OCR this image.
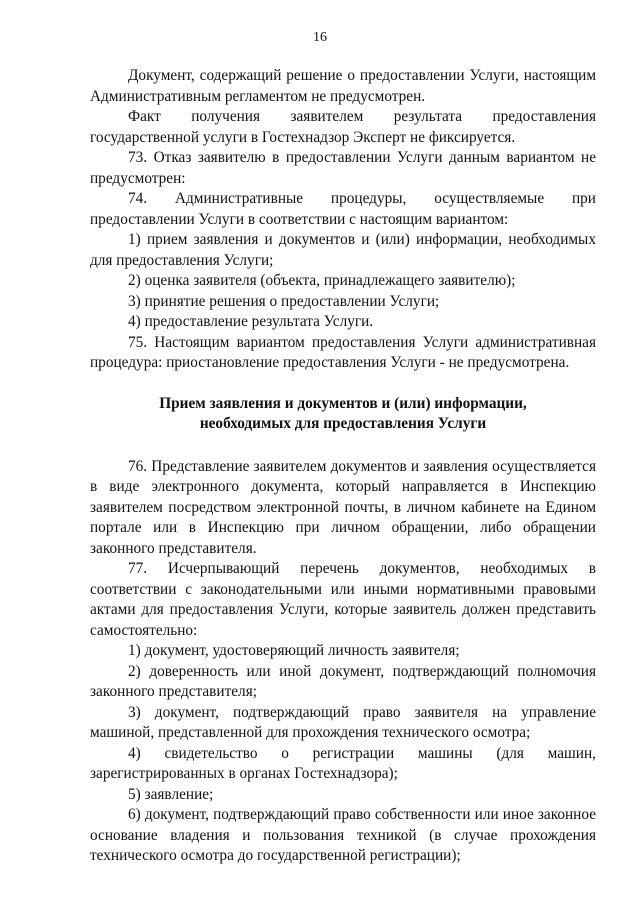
16

Документ, содержащий решение о предоставлении Услуги, настоящим Административным регламентом не предусмотрен.

Факт получения заявителем результата предоставления государственной услуги в Гостехнадзор Эксперт не фиксируется.

73. Отказ заявителю в предоставлении Услуги данным вариантом не предусмотрен:

74. Административные процедуры, осуществляемые при предоставлении Услуги в соответствии с настоящим вариантом:

1) прием заявления и документов и (или) информации, необходимых для предоставления Услуги;

2) оценка заявителя (объекта, принадлежащего заявителю);

3) принятие решения о предоставлении Услуги;

4) предоставление результата Услуги.

75. Настоящим вариантом предоставления Услуги административная процедура: приостановление предоставления Услуги - не предусмотрена.

Прием заявления и документов и (или) информации,

необходимых для предоставления Услуги

76. Представление заявителем документов и заявления осуществляется в виде электронного документа, который направляется в Инспекцию заявителем посредством электронной почты, в личном кабинете на Едином портале или в Инспекцию при личном обращении, либо обращении законного представителя.

77. Исчерпывающий перечень документов, необходимых в соответствии с законодательными или иными нормативными правовыми актами для предоставления Услуги, которые заявитель должен представить самостоятельно:

1) документ, удостоверяющий личность заявителя;

2) доверенность или иной документ, подтверждающий полномочия законного представителя;

3) документ, подтверждающий право заявителя на управление машиной, представленной для прохождения технического осмотра;

4) свидетельство о регистрации машины (для машин, зарегистрированных в органах Гостехнадзора);

5) заявление;

6) документ, подтверждающий право собственности или иное законное основание владения и пользования техникой (в случае прохождения технического осмотра до государственной регистрации);
